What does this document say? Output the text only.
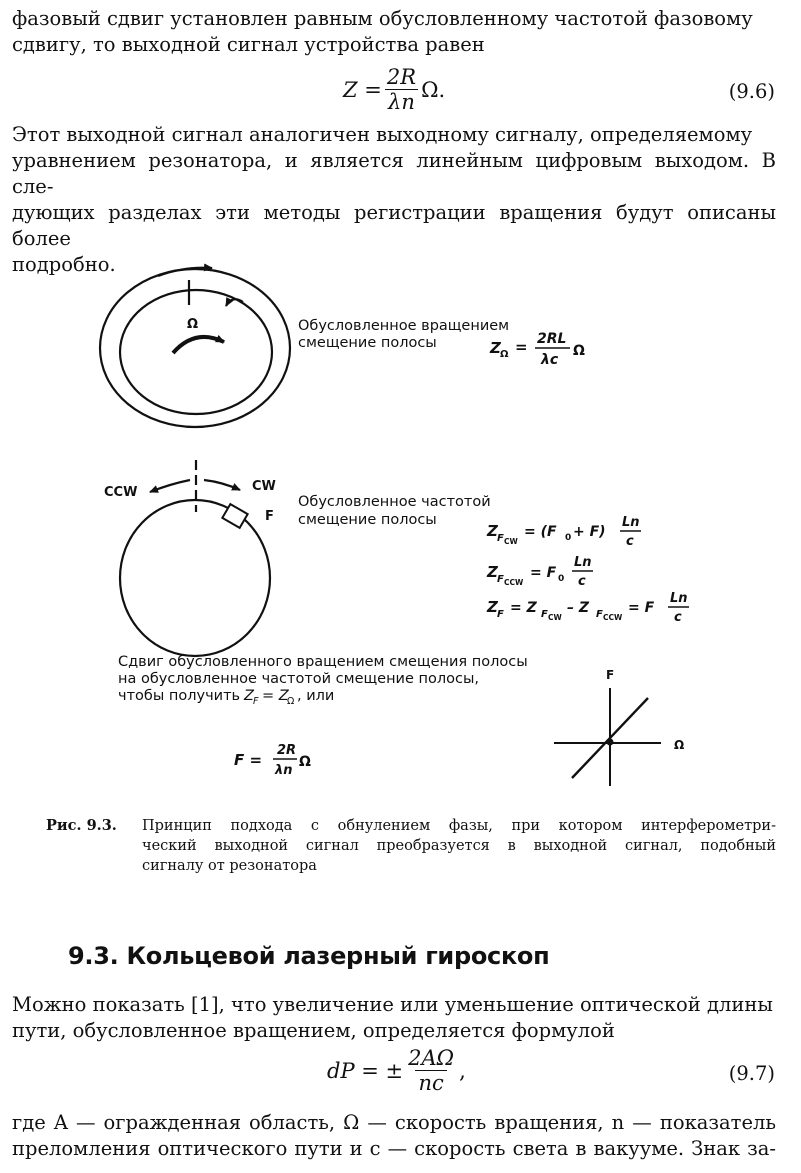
фазовый сдвиг установлен равным обусловленному частотой фазовому
сдвигу, то выходной сигнал устройства равен
$Z = \frac{2R}{\lambda n} \Omega$.	(9.6)
Этот выходной сигнал аналогичен выходному сигналу, определяемому
уравнением резонатора, и является линейным цифровым выходом. В сле-
дующих разделах эти методы регистрации вращения будут описаны более
подробно.
Ω	Обусловленное вращением
смещение полосы	Z Ω = 2RL
λc
Ω
CCW	CW
F
Обусловленное частотой
смещение полосы
Z F CW
= (F 0 + F)
Ln
c
Z F CCW
= F 0
Ln
c
Z F = Z F CW
– Z F CCW
= F
Ln
c
Сдвиг обусловленного вращением смещения полосы
на обусловленное частотой смещение полосы,
чтобы получить Z F = Z
Ω , или
F =
2R
λn
Ω
F
Ω
Рис. 9.3.	Принцип подхода с обнулением фазы, при котором интерферометри-
ческий выходной сигнал преобразуется в выходной сигнал, подобный
сигналу от резонатора
9.3. Кольцевой лазерный гироскоп
Можно показать [1], что увеличение или уменьшение оптической длины
пути, обусловленное вращением, определяется формулой
dP = ± $\frac{2A\Omega}{nc}$ ,	(9.7)
где A — огражденная область, Ω — скорость вращения, n — показатель
преломления оптического пути и c — скорость света в вакууме. Знак за-
